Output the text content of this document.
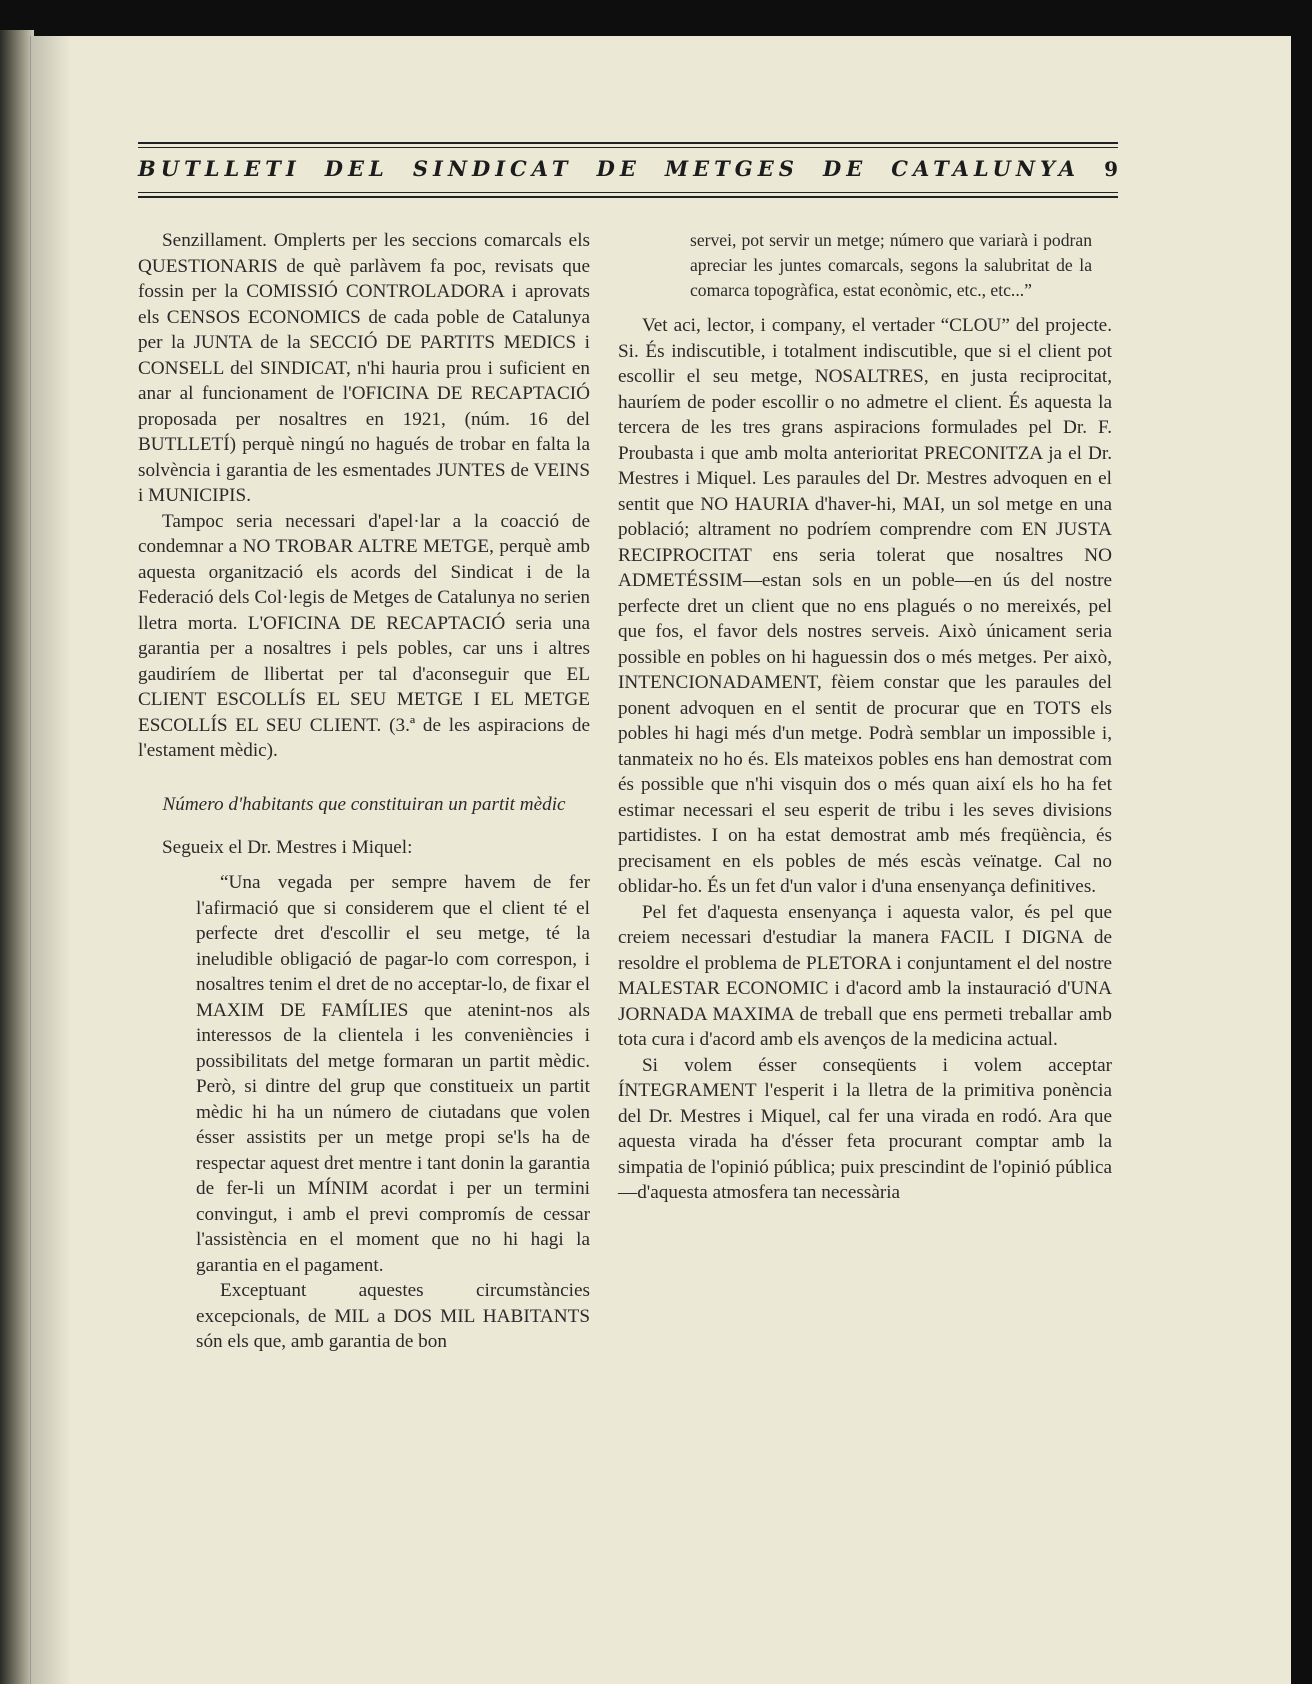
BUTLLETI DEL SINDICAT DE METGES DE CATALUNYA 9

Senzillament. Omplerts per les seccions comarcals els QUESTIONARIS de què parlàvem fa poc, revisats que fossin per la COMISSIÓ CONTROLADORA i aprovats els CENSOS ECONOMICS de cada poble de Catalunya per la JUNTA de la SECCIÓ DE PARTITS MEDICS i CONSELL del SINDICAT, n'hi hauria prou i suficient en anar al funcionament de l'OFICINA DE RECAPTACIÓ proposada per nosaltres en 1921, (núm. 16 del BUTLLETÍ) perquè ningú no hagués de trobar en falta la solvència i garantia de les esmentades JUNTES de VEINS i MUNICIPIS.

Tampoc seria necessari d'apel·lar a la coacció de condemnar a NO TROBAR ALTRE METGE, perquè amb aquesta organització els acords del Sindicat i de la Federació dels Col·legis de Metges de Catalunya no serien lletra morta. L'OFICINA DE RECAPTACIÓ seria una garantia per a nosaltres i pels pobles, car uns i altres gaudiríem de llibertat per tal d'aconseguir que EL CLIENT ESCOLLÍS EL SEU METGE I EL METGE ESCOLLÍS EL SEU CLIENT. (3.ª de les aspiracions de l'estament mèdic).

Número d'habitants que constituiran un partit mèdic

Segueix el Dr. Mestres i Miquel:

“Una vegada per sempre havem de fer l'afirmació que si considerem que el client té el perfecte dret d'escollir el seu metge, té la ineludible obligació de pagar-lo com correspon, i nosaltres tenim el dret de no acceptar-lo, de fixar el MAXIM DE FAMÍLIES que atenint-nos als interessos de la clientela i les conveniències i possibilitats del metge formaran un partit mèdic. Però, si dintre del grup que constitueix un partit mèdic hi ha un número de ciutadans que volen ésser assistits per un metge propi se'ls ha de respectar aquest dret mentre i tant donin la garantia de fer-li un MÍNIM acordat i per un termini convingut, i amb el previ compromís de cessar l'assistència en el moment que no hi hagi la garantia en el pagament.

Exceptuant aquestes circumstàncies excepcionals, de MIL a DOS MIL HABITANTS són els que, amb garantia de bon

servei, pot servir un metge; número que variarà i podran apreciar les juntes comarcals, segons la salubritat de la comarca topogràfica, estat econòmic, etc., etc...”

Vet aci, lector, i company, el vertader “CLOU” del projecte. Si. És indiscutible, i totalment indiscutible, que si el client pot escollir el seu metge, NOSALTRES, en justa reciprocitat, hauríem de poder escollir o no admetre el client. És aquesta la tercera de les tres grans aspiracions formulades pel Dr. F. Proubasta i que amb molta anterioritat PRECONITZA ja el Dr. Mestres i Miquel. Les paraules del Dr. Mestres advoquen en el sentit que NO HAURIA d'haver-hi, MAI, un sol metge en una població; altrament no podríem comprendre com EN JUSTA RECIPROCITAT ens seria tolerat que nosaltres NO ADMETÉSSIM—estan sols en un poble—en ús del nostre perfecte dret un client que no ens plagués o no mereixés, pel que fos, el favor dels nostres serveis. Això únicament seria possible en pobles on hi haguessin dos o més metges. Per això, INTENCIONADAMENT, fèiem constar que les paraules del ponent advoquen en el sentit de procurar que en TOTS els pobles hi hagi més d'un metge. Podrà semblar un impossible i, tanmateix no ho és. Els mateixos pobles ens han demostrat com és possible que n'hi visquin dos o més quan així els ho ha fet estimar necessari el seu esperit de tribu i les seves divisions partidistes. I on ha estat demostrat amb més freqüència, és precisament en els pobles de més escàs veïnatge. Cal no oblidar-ho. És un fet d'un valor i d'una ensenyança definitives.

Pel fet d'aquesta ensenyança i aquesta valor, és pel que creiem necessari d'estudiar la manera FACIL I DIGNA de resoldre el problema de PLETORA i conjuntament el del nostre MALESTAR ECONOMIC i d'acord amb la instauració d'UNA JORNADA MAXIMA de treball que ens permeti treballar amb tota cura i d'acord amb els avenços de la medicina actual.

Si volem ésser conseqüents i volem acceptar ÍNTEGRAMENT l'esperit i la lletra de la primitiva ponència del Dr. Mestres i Miquel, cal fer una virada en rodó. Ara que aquesta virada ha d'ésser feta procurant comptar amb la simpatia de l'opinió pública; puix prescindint de l'opinió pública—d'aquesta atmosfera tan necessària
